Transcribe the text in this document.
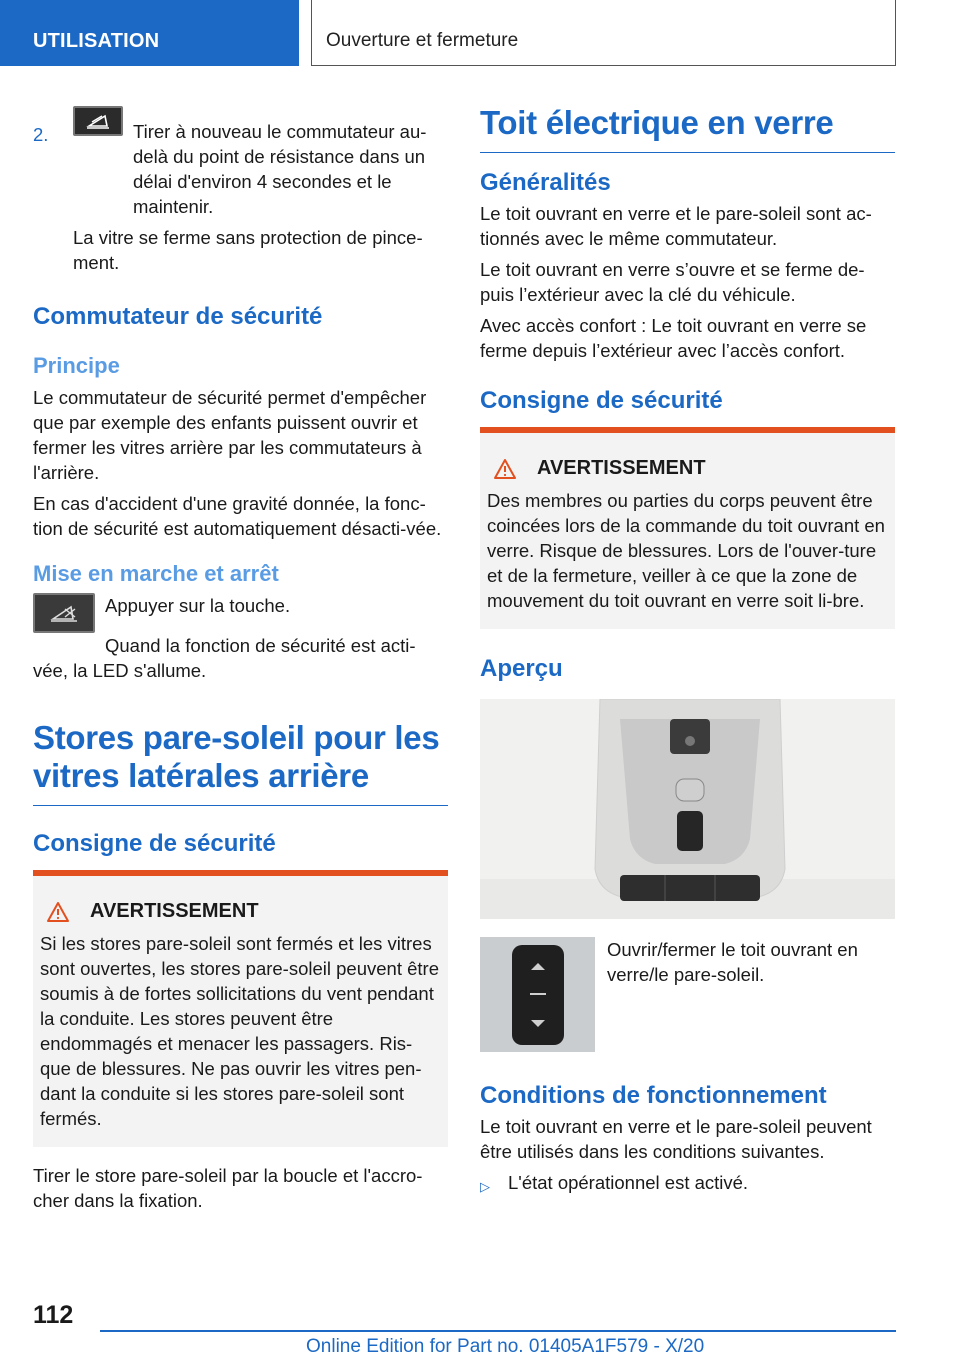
UTILISATION	Ouverture et fermeture
2.	Tirer à nouveau le commutateur au-delà du point de résistance dans un délai d'environ 4 secondes et le maintenir.

La vitre se ferme sans protection de pince-ment.

Commutateur de sécurité
Principe

Le commutateur de sécurité permet d'empêcher que par exemple des enfants puissent ouvrir et fermer les vitres arrière par les commutateurs à l'arrière.

En cas d'accident d'une gravité donnée, la fonc-tion de sécurité est automatiquement désacti-vée.

Mise en marche et arrêt

Appuyer sur la touche.

Quand la fonction de sécurité est acti-vée, la LED s'allume.

Stores pare-soleil pour les vitres latérales arrière
Consigne de sécurité
AVERTISSEMENT

Si les stores pare-soleil sont fermés et les vitres sont ouvertes, les stores pare-soleil peuvent être soumis à de fortes sollicitations du vent pendant la conduite. Les stores peuvent être endommagés et menacer les passagers. Ris-que de blessures. Ne pas ouvrir les vitres pen-dant la conduite si les stores pare-soleil sont fermés.

Tirer le store pare-soleil par la boucle et l'accro-cher dans la fixation.

Toit électrique en verre
Généralités

Le toit ouvrant en verre et le pare-soleil sont ac-tionnés avec le même commutateur.

Le toit ouvrant en verre s’ouvre et se ferme de-puis l’extérieur avec la clé du véhicule.

Avec accès confort : Le toit ouvrant en verre se ferme depuis l’extérieur avec l’accès confort.

Consigne de sécurité
AVERTISSEMENT

Des membres ou parties du corps peuvent être coincées lors de la commande du toit ouvrant en verre. Risque de blessures. Lors de l'ouver-ture et de la fermeture, veiller à ce que la zone de mouvement du toit ouvrant en verre soit li-bre.

Aperçu
Ouvrir/fermer le toit ouvrant en verre/le pare-soleil.
Conditions de fonctionnement

Le toit ouvrant en verre et le pare-soleil peuvent être utilisés dans les conditions suivantes.

▷ L'état opérationnel est activé.
112
Online Edition for Part no. 01405A1F579 - X/20
